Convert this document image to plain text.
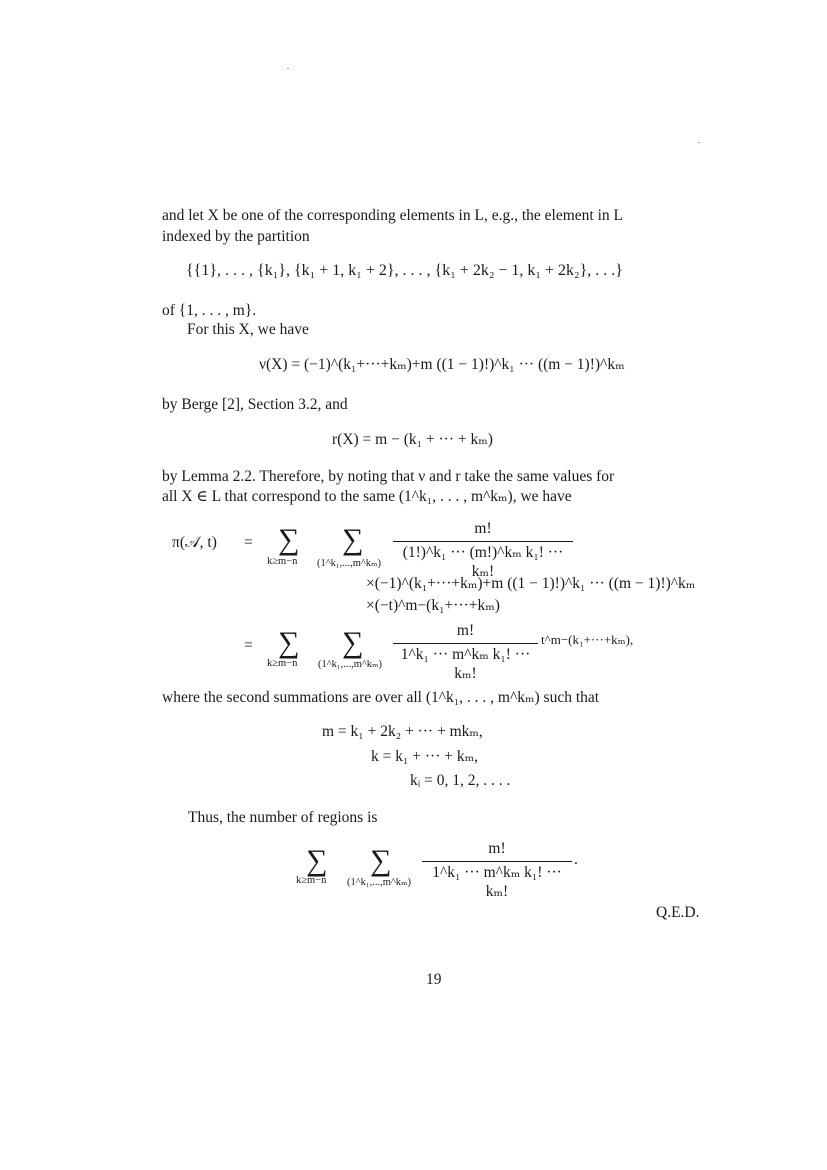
and let X be one of the corresponding elements in L, e.g., the element in L
indexed by the partition
{{1}, . . . , {k₁}, {k₁ + 1, k₁ + 2}, . . . , {k₁ + 2k₂ − 1, k₁ + 2k₂}, . . .}
of {1, . . . , m}.
For this X, we have
ν(X) = (−1)^(k₁+···+kₘ)+m ((1 − 1)!)^k₁ ··· ((m − 1)!)^kₘ
by Berge [2], Section 3.2, and
r(X) = m − (k₁ + ··· + kₘ)
by Lemma 2.2. Therefore, by noting that ν and r take the same values for
all X ∈ L that correspond to the same (1^k₁, . . . , m^kₘ), we have
π(𝒜, t) = ∑
k≥m−n
∑
(1^k₁,...,m^kₘ)
m!
(1!)^k₁ ··· (m!)^kₘ k₁! ··· kₘ!
×(−1)^(k₁+···+kₘ)+m ((1 − 1)!)^k₁ ··· ((m − 1)!)^kₘ
×(−t)^m−(k₁+···+kₘ)
= ∑
k≥m−n
∑
(1^k₁,...,m^kₘ)
m!
1^k₁ ··· m^kₘ k₁! ··· kₘ!
t^m−(k₁+···+kₘ),
where the second summations are over all (1^k₁, . . . , m^kₘ) such that
m = k₁ + 2k₂ + ··· + mkₘ,
k = k₁ + ··· + kₘ,
kᵢ = 0, 1, 2, . . . .
Thus, the number of regions is
∑
k≥m−n
∑
(1^k₁,...,m^kₘ)
m!
1^k₁ ··· m^kₘ k₁! ··· kₘ!
.
Q.E.D.
19
